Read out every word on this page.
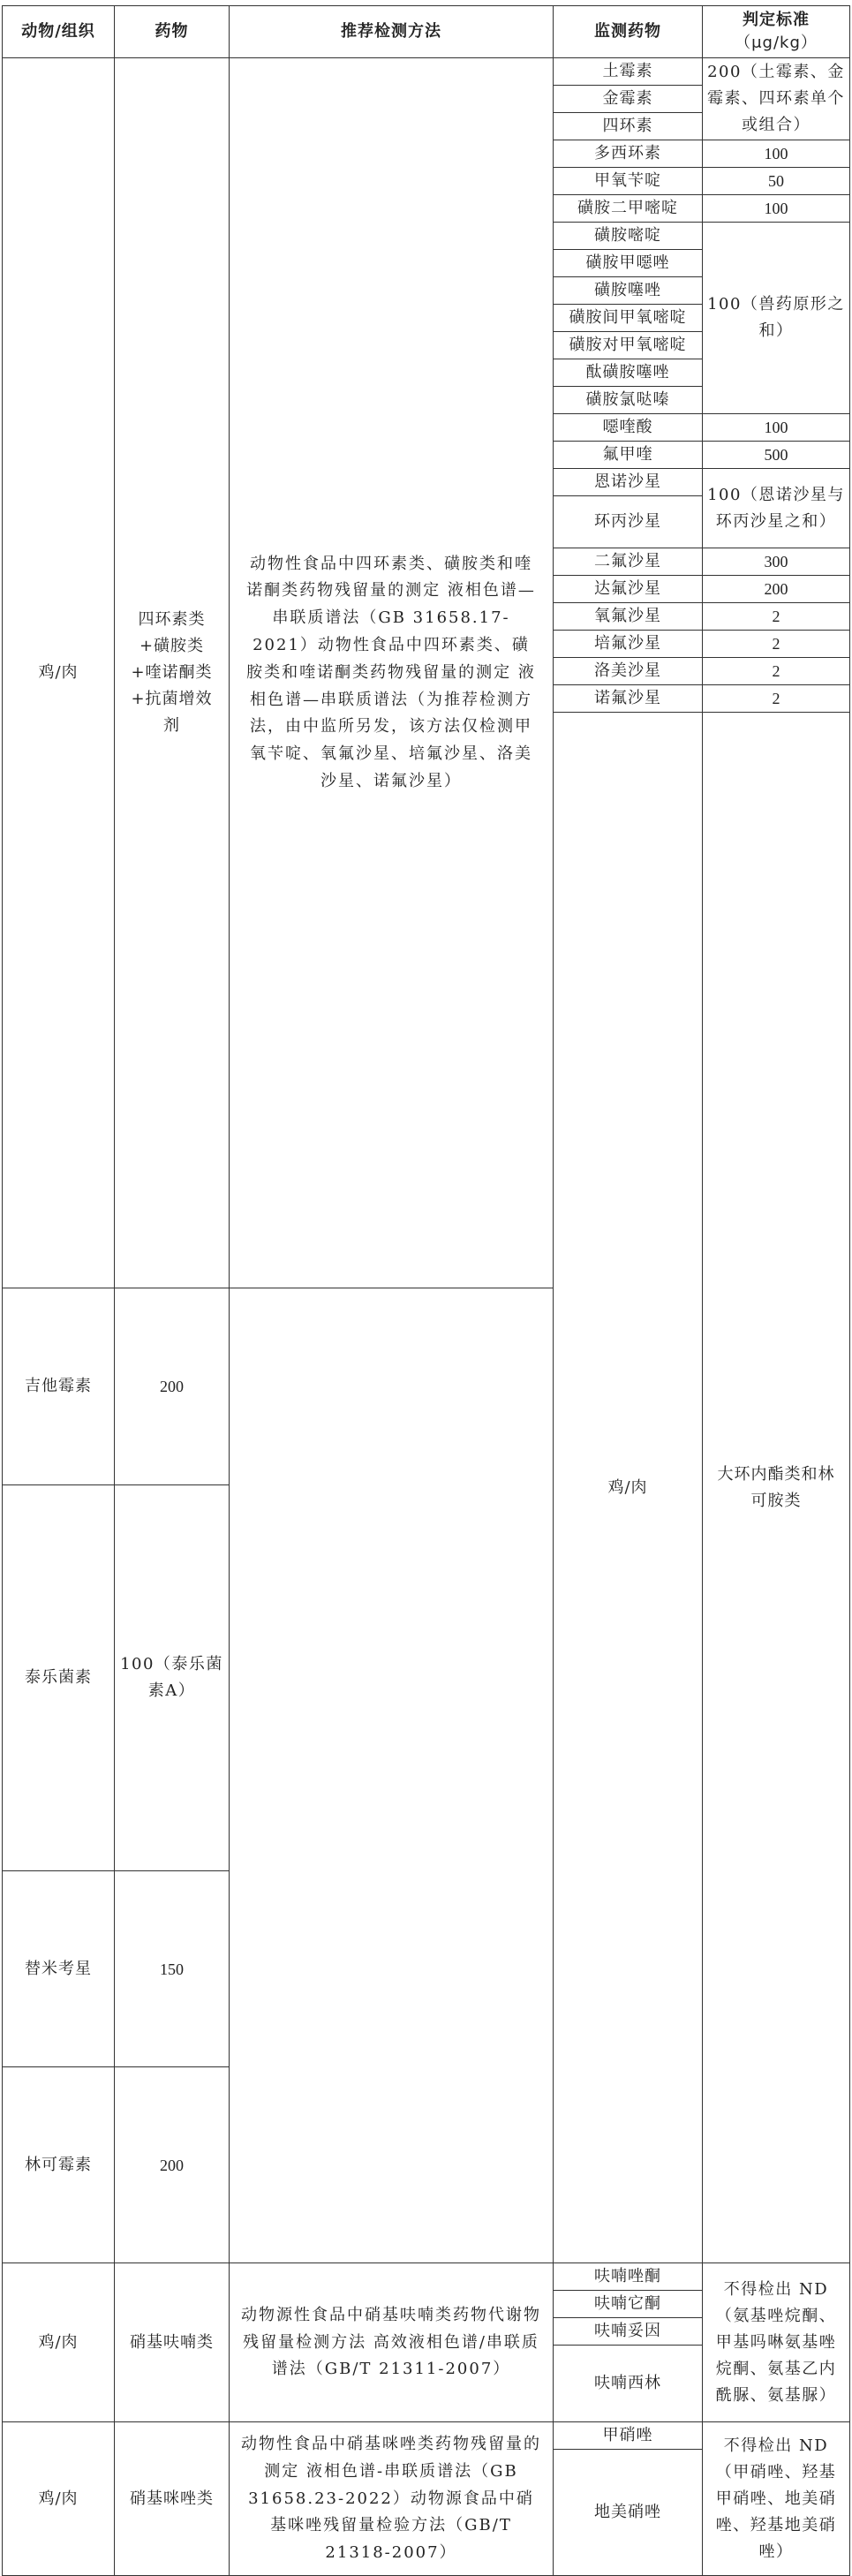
动物/组织	药物	推荐检测方法	监测药物	判定标准
（μg/kg）	

鸡/肉	四环素类+磺胺类+喹诺酮类+抗菌增效剂	动物性食品中四环素类、磺胺类和喹诺酮类药物残留量的测定 液相色谱—串联质谱法（GB 31658.17-2021）动物性食品中四环素类、磺胺类和喹诺酮类药物残留量的测定 液相色谱—串联质谱法（为推荐检测方法，由中监所另发，该方法仅检测甲氧苄啶、氧氟沙星、培氟沙星、洛美沙星、诺氟沙星）	土霉素	200（土霉素、金霉素、四环素单个或组合）	
			金霉素		
			四环素		
			多西环素	100	
			甲氧苄啶	50	
			磺胺二甲嘧啶	100	
			磺胺嘧啶	100（兽药原形之和）	
			磺胺甲噁唑		
			磺胺噻唑		
			磺胺间甲氧嘧啶		
			磺胺对甲氧嘧啶		
			酞磺胺噻唑		
			磺胺氯哒嗪		
			噁喹酸	100	
			氟甲喹	500	
			恩诺沙星	100（恩诺沙星与环丙沙星之和）	
			环丙沙星		
			二氟沙星	300	
			达氟沙星	200	
			氧氟沙星	2	
			培氟沙星	2	
			洛美沙星	2	
			诺氟沙星	2	
			鸡/肉	大环内酯类和林可胺类			
吉他霉素	200				
泰乐菌素	100（泰乐菌素A）				
替米考星	150				
林可霉素	200				
鸡/肉	硝基呋喃类	动物源性食品中硝基呋喃类药物代谢物残留量检测方法 高效液相色谱/串联质谱法（GB/T 21311-2007）	呋喃唑酮	不得检出 ND（氨基唑烷酮、甲基吗啉氨基唑烷酮、氨基乙内酰脲、氨基脲）	
			呋喃它酮		
			呋喃妥因		
			呋喃西林		
鸡/肉	硝基咪唑类	动物性食品中硝基咪唑类药物残留量的测定 液相色谱-串联质谱法（GB 31658.23-2022）动物源食品中硝基咪唑残留量检验方法（GB/T 21318-2007）	甲硝唑	不得检出 ND（甲硝唑、羟基甲硝唑、地美硝唑、羟基地美硝唑）	
			地美硝唑		
